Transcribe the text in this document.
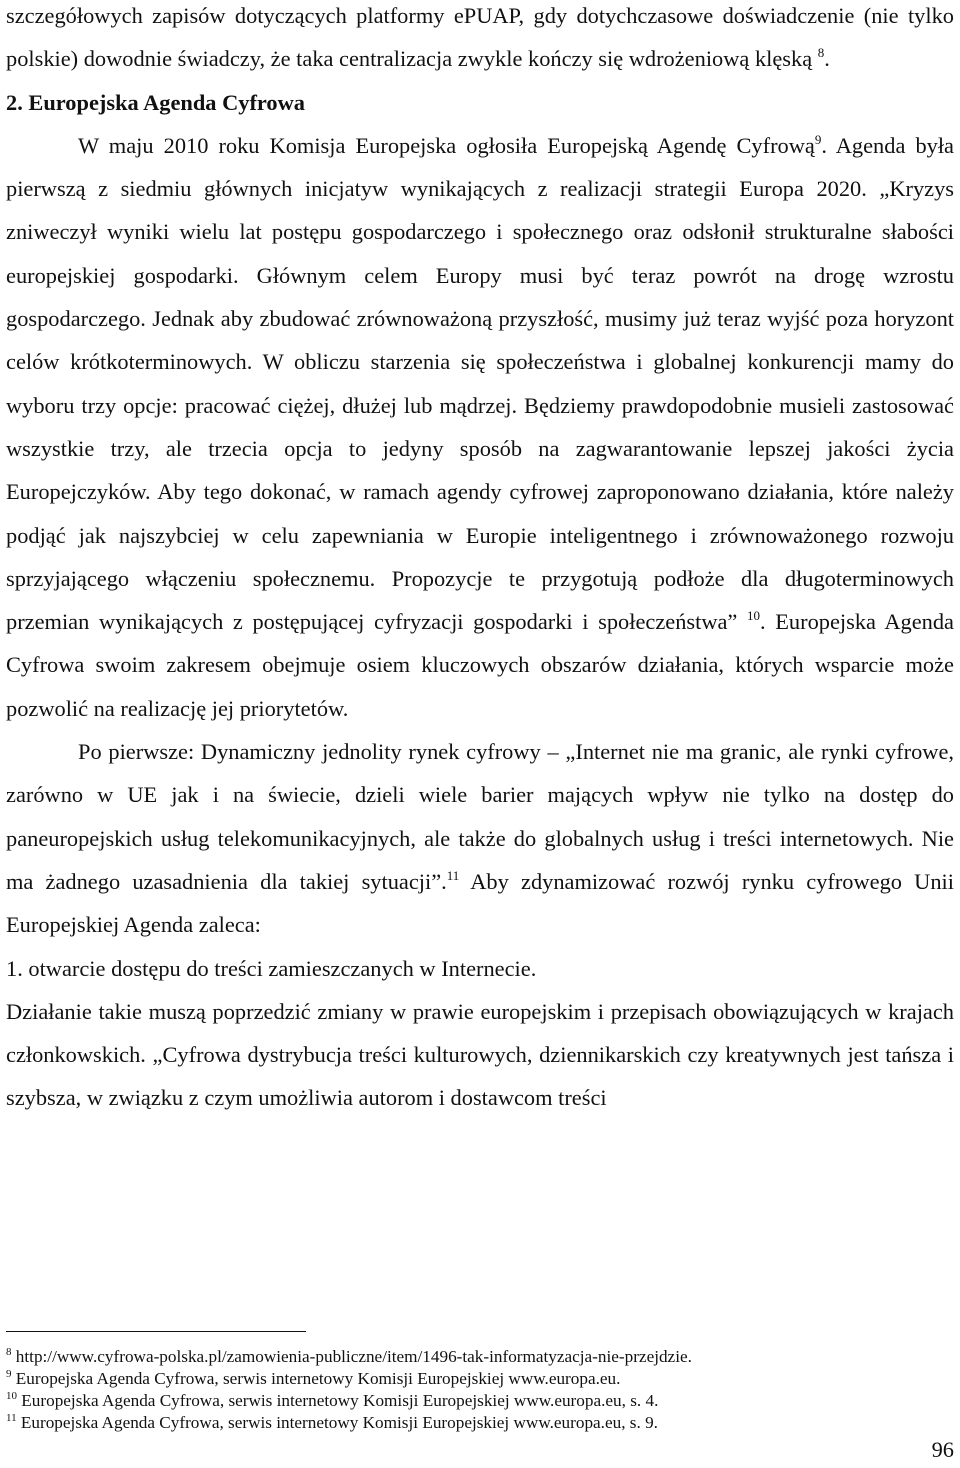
szczegółowych zapisów dotyczących platformy ePUAP, gdy dotychczasowe doświadczenie (nie tylko polskie) dowodnie świadczy, że taka centralizacja zwykle kończy się wdrożeniową klęską $^8$.

2. Europejska Agenda Cyfrowa

W maju 2010 roku Komisja Europejska ogłosiła Europejską Agendę Cyfrową$^9$. Agenda była pierwszą z siedmiu głównych inicjatyw wynikających z realizacji strategii Europa 2020. „Kryzys zniweczył wyniki wielu lat postępu gospodarczego i społecznego oraz odsłonił strukturalne słabości europejskiej gospodarki. Głównym celem Europy musi być teraz powrót na drogę wzrostu gospodarczego. Jednak aby zbudować zrównoważoną przyszłość, musimy już teraz wyjść poza horyzont celów krótkoterminowych. W obliczu starzenia się społeczeństwa i globalnej konkurencji mamy do wyboru trzy opcje: pracować ciężej, dłużej lub mądrzej. Będziemy prawdopodobnie musieli zastosować wszystkie trzy, ale trzecia opcja to jedyny sposób na zagwarantowanie lepszej jakości życia Europejczyków. Aby tego dokonać, w ramach agendy cyfrowej zaproponowano działania, które należy podjąć jak najszybciej w celu zapewniania w Europie inteligentnego i zrównoważonego rozwoju sprzyjającego włączeniu społecznemu. Propozycje te przygotują podłoże dla długoterminowych przemian wynikających z postępującej cyfryzacji gospodarki i społeczeństwa” $^{10}$. Europejska Agenda Cyfrowa swoim zakresem obejmuje osiem kluczowych obszarów działania, których wsparcie może pozwolić na realizację jej priorytetów.

Po pierwsze: Dynamiczny jednolity rynek cyfrowy – „Internet nie ma granic, ale rynki cyfrowe, zarówno w UE jak i na świecie, dzieli wiele barier mających wpływ nie tylko na dostęp do paneuropejskich usług telekomunikacyjnych, ale także do globalnych usług i treści internetowych. Nie ma żadnego uzasadnienia dla takiej sytuacji”.$^{11}$ Aby zdynamizować rozwój rynku cyfrowego Unii Europejskiej Agenda zaleca:

1. otwarcie dostępu do treści zamieszczanych w Internecie.

Działanie takie muszą poprzedzić zmiany w prawie europejskim i przepisach obowiązujących w krajach członkowskich. „Cyfrowa dystrybucja treści kulturowych, dziennikarskich czy kreatywnych jest tańsza i szybsza, w związku z czym umożliwia autorom i dostawcom treści

$^8$ http://www.cyfrowa-polska.pl/zamowienia-publiczne/item/1496-tak-informatyzacja-nie-przejdzie.

$^9$ Europejska Agenda Cyfrowa, serwis internetowy Komisji Europejskiej www.europa.eu.

$^{10}$ Europejska Agenda Cyfrowa, serwis internetowy Komisji Europejskiej www.europa.eu, s. 4.

$^{11}$ Europejska Agenda Cyfrowa, serwis internetowy Komisji Europejskiej www.europa.eu, s. 9.

96
